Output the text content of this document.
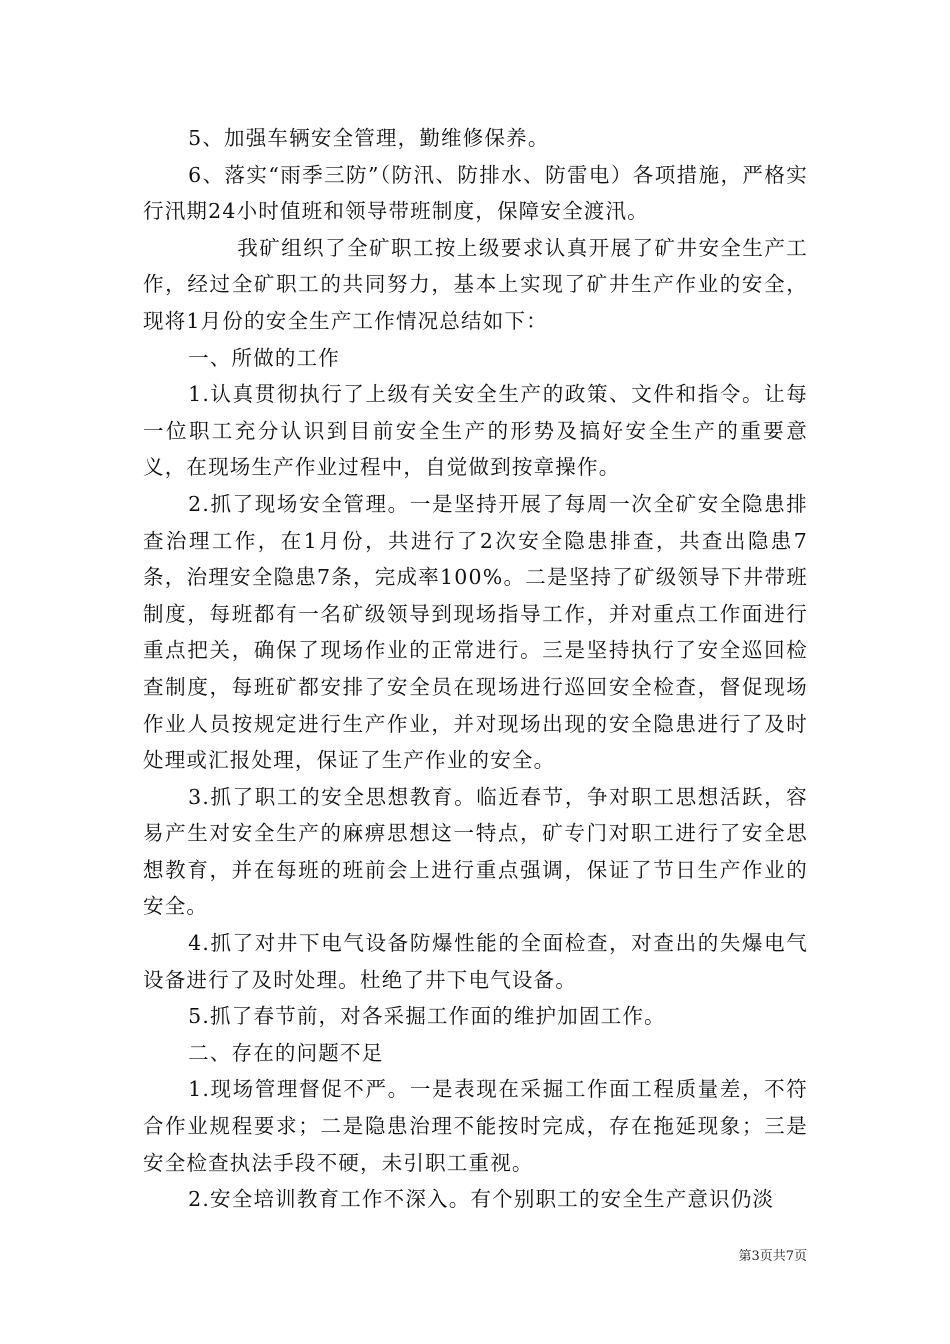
5、加强车辆安全管理，勤维修保养。

6、落实“雨季三防”（防汛、防排水、防雷电）各项措施，严格实行汛期24小时值班和领导带班制度，保障安全渡汛。

我矿组织了全矿职工按上级要求认真开展了矿井安全生产工作，经过全矿职工的共同努力，基本上实现了矿井生产作业的安全，现将1月份的安全生产工作情况总结如下：

一、所做的工作

1.认真贯彻执行了上级有关安全生产的政策、文件和指令。让每一位职工充分认识到目前安全生产的形势及搞好安全生产的重要意义，在现场生产作业过程中，自觉做到按章操作。

2.抓了现场安全管理。一是坚持开展了每周一次全矿安全隐患排查治理工作，在1月份，共进行了2次安全隐患排查，共查出隐患7条，治理安全隐患7条，完成率100%。二是坚持了矿级领导下井带班制度，每班都有一名矿级领导到现场指导工作，并对重点工作面进行重点把关，确保了现场作业的正常进行。三是坚持执行了安全巡回检查制度，每班矿都安排了安全员在现场进行巡回安全检查，督促现场作业人员按规定进行生产作业，并对现场出现的安全隐患进行了及时处理或汇报处理，保证了生产作业的安全。

3.抓了职工的安全思想教育。临近春节，争对职工思想活跃，容易产生对安全生产的麻痹思想这一特点，矿专门对职工进行了安全思想教育，并在每班的班前会上进行重点强调，保证了节日生产作业的安全。

4.抓了对井下电气设备防爆性能的全面检查，对查出的失爆电气设备进行了及时处理。杜绝了井下电气设备。

5.抓了春节前，对各采掘工作面的维护加固工作。

二、存在的问题不足

1.现场管理督促不严。一是表现在采掘工作面工程质量差，不符合作业规程要求；二是隐患治理不能按时完成，存在拖延现象；三是安全检查执法手段不硬，未引职工重视。

2.安全培训教育工作不深入。有个别职工的安全生产意识仍淡

第3页共7页
